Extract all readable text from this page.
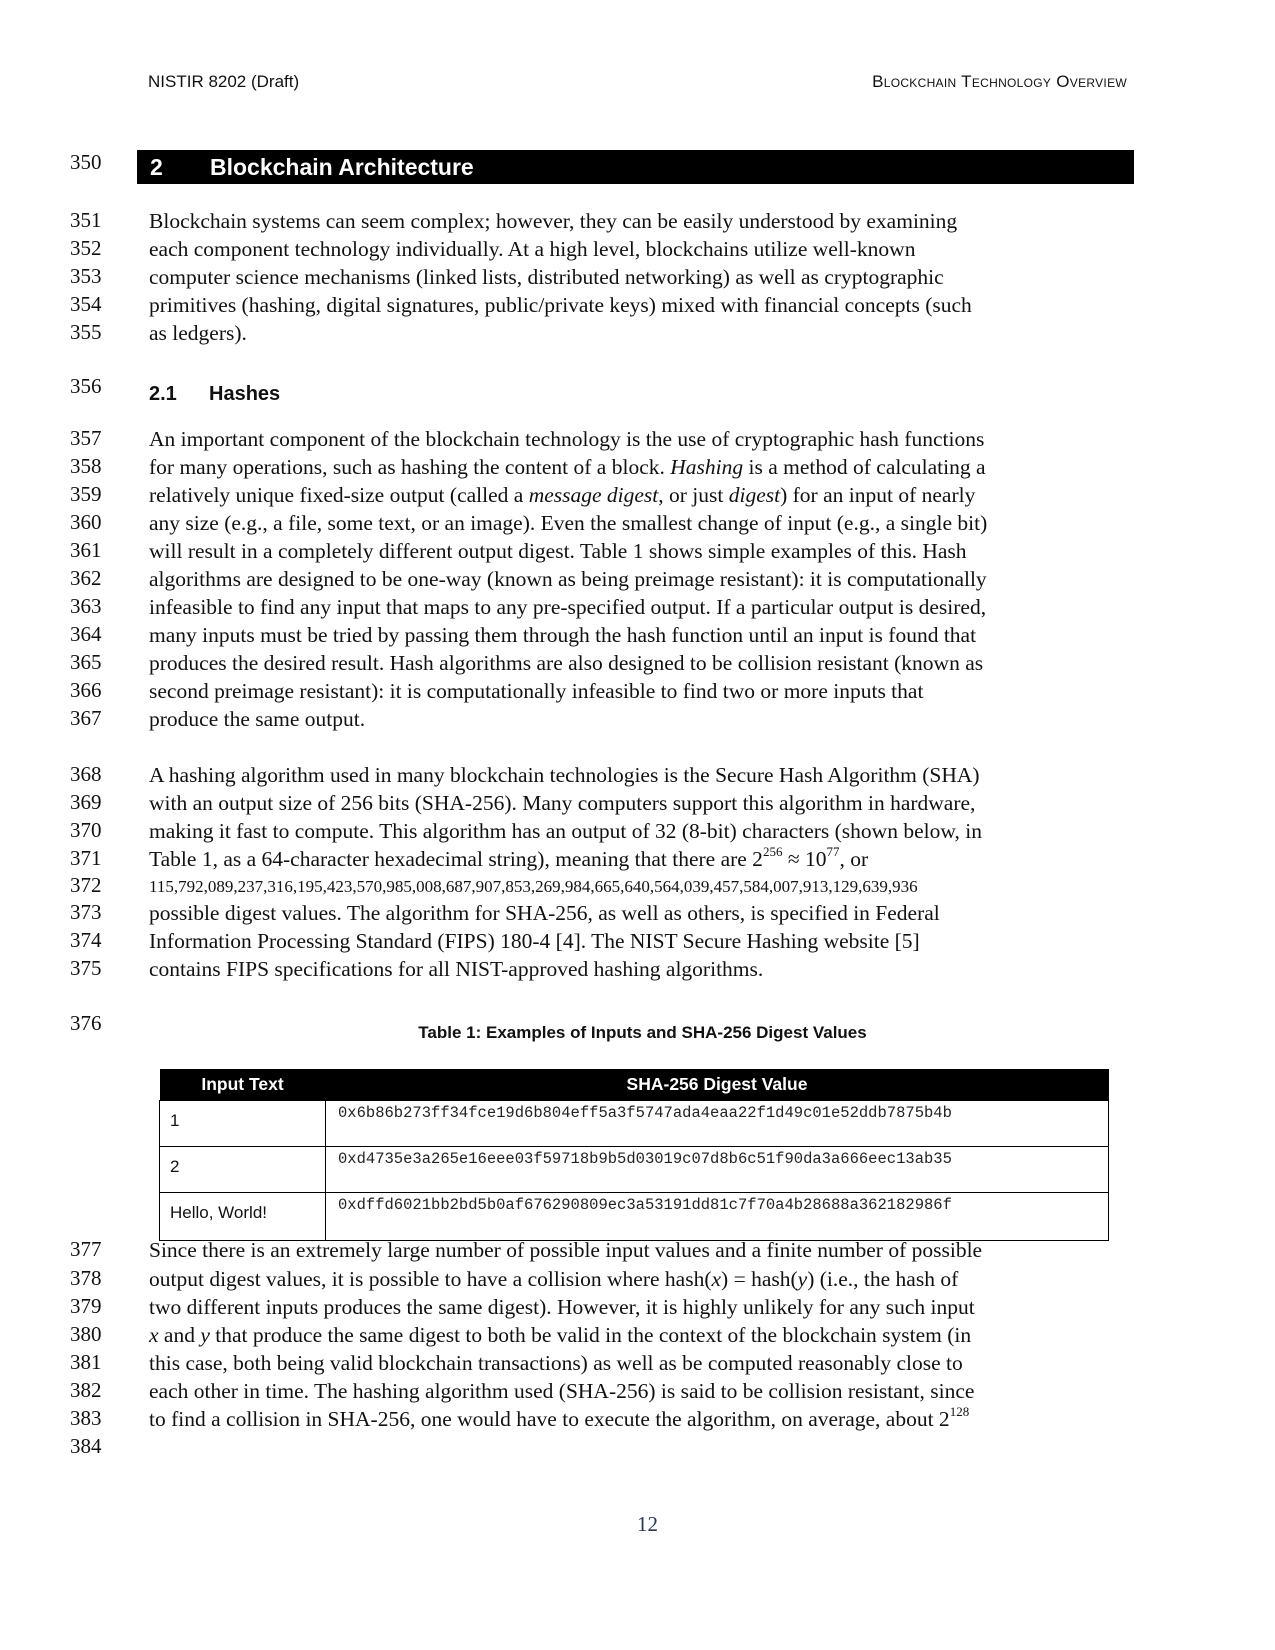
NISTIR 8202 (Draft)	Blockchain Technology Overview
350
351
352
353
354
355
356
357
358
359
360
361
362
363
364
365
366
367
368
369
370
371
372
373
374
375
376
377
378
379
380
381
382
383
384
2	Blockchain Architecture
Blockchain systems can seem complex; however, they can be easily understood by examining
each component technology individually. At a high level, blockchains utilize well-known
computer science mechanisms (linked lists, distributed networking) as well as cryptographic
primitives (hashing, digital signatures, public/private keys) mixed with financial concepts (such
as ledgers).
2.1	Hashes
An important component of the blockchain technology is the use of cryptographic hash functions
for many operations, such as hashing the content of a block. Hashing is a method of calculating a
relatively unique fixed-size output (called a message digest, or just digest) for an input of nearly
any size (e.g., a file, some text, or an image). Even the smallest change of input (e.g., a single bit)
will result in a completely different output digest. Table 1 shows simple examples of this. Hash
algorithms are designed to be one-way (known as being preimage resistant): it is computationally
infeasible to find any input that maps to any pre-specified output. If a particular output is desired,
many inputs must be tried by passing them through the hash function until an input is found that
produces the desired result. Hash algorithms are also designed to be collision resistant (known as
second preimage resistant): it is computationally infeasible to find two or more inputs that
produce the same output.
A hashing algorithm used in many blockchain technologies is the Secure Hash Algorithm (SHA)
with an output size of 256 bits (SHA-256). Many computers support this algorithm in hardware,
making it fast to compute. This algorithm has an output of 32 (8-bit) characters (shown below, in
Table 1, as a 64-character hexadecimal string), meaning that there are $2^{256} \approx 10^{77}$, or
115,792,089,237,316,195,423,570,985,008,687,907,853,269,984,665,640,564,039,457,584,007,913,129,639,936
possible digest values. The algorithm for SHA-256, as well as others, is specified in Federal
Information Processing Standard (FIPS) 180-4 [4]. The NIST Secure Hashing website [5]
contains FIPS specifications for all NIST-approved hashing algorithms.
Table 1: Examples of Inputs and SHA-256 Digest Values
Input Text	SHA-256 Digest Value
1	0x6b86b273ff34fce19d6b804eff5a3f5747ada4eaa22f1d49c01e52ddb7875b4b
2	0xd4735e3a265e16eee03f59718b9b5d03019c07d8b6c51f90da3a666eec13ab35
Hello, World!	0xdffd6021bb2bd5b0af676290809ec3a53191dd81c7f70a4b28688a362182986f
Since there is an extremely large number of possible input values and a finite number of possible
output digest values, it is possible to have a collision where hash(x) = hash(y) (i.e., the hash of
two different inputs produces the same digest). However, it is highly unlikely for any such input
x and y that produce the same digest to both be valid in the context of the blockchain system (in
this case, both being valid blockchain transactions) as well as be computed reasonably close to
each other in time. The hashing algorithm used (SHA-256) is said to be collision resistant, since
to find a collision in SHA-256, one would have to execute the algorithm, on average, about $2^{128}$
12
